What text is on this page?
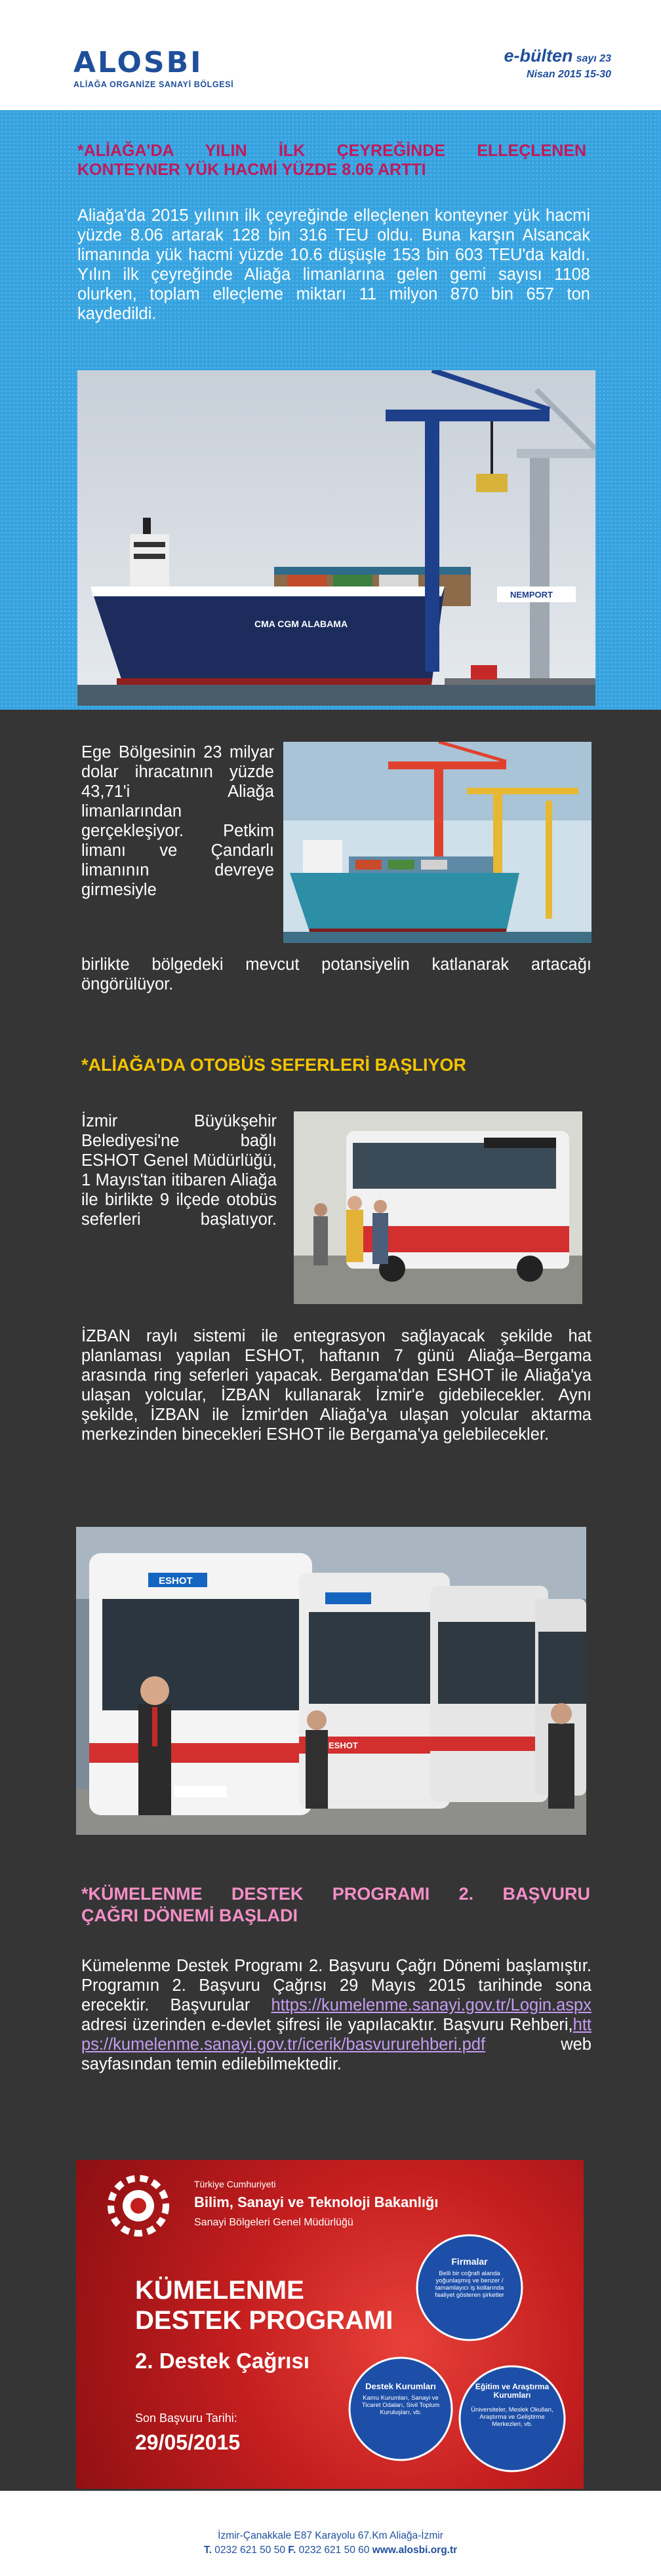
ALOSBI
ALİAĞA ORGANİZE SANAYİ BÖLGESİ
e-bülten sayı 23
Nisan 2015 15-30
*ALİAĞA'DA YILIN İLK ÇEYREĞİNDE ELLEÇLENEN
KONTEYNER YÜK HACMİ YÜZDE 8.06 ARTTI

Aliağa'da 2015 yılının ilk çeyreğinde elleçlenen konteyner yük hacmi yüzde 8.06 artarak 128 bin 316 TEU oldu. Buna karşın Alsancak limanında yük hacmi yüzde 10.6 düşüşle 153 bin 603 TEU'da kaldı. Yılın ilk çeyreğinde Aliağa limanlarına gelen gemi sayısı 1108 olurken, toplam elleçleme miktarı 11 milyon 870 bin 657 ton kaydedildi.

CMA CGM ALABAMA
NEMPORT

Ege Bölgesinin 23 milyar dolar ihracatının yüzde 43,71'i Aliağa limanlarından gerçekleşiyor. Petkim limanı ve Çandarlı limanının devreye girmesiyle

birlikte bölgedeki mevcut potansiyelin katlanarak artacağı öngörülüyor.

*ALİAĞA'DA OTOBÜS SEFERLERİ BAŞLIYOR

İzmir Büyükşehir Belediyesi'ne bağlı ESHOT Genel Müdürlüğü, 1 Mayıs'tan itibaren Aliağa ile birlikte 9 ilçede otobüs seferleri başlatıyor.

İZBAN raylı sistemi ile entegrasyon sağlayacak şekilde hat planlaması yapılan ESHOT, haftanın 7 günü Aliağa–Bergama arasında ring seferleri yapacak. Bergama'dan ESHOT ile Aliağa'ya ulaşan yolcular, İZBAN kullanarak İzmir'e gidebilecekler. Aynı şekilde, İZBAN ile İzmir'den Aliağa'ya ulaşan yolcular aktarma merkezinden binecekleri ESHOT ile Bergama'ya gelebilecekler.

ESHOT
ESHOT
*KÜMELENME DESTEK PROGRAMI 2. BAŞVURU
ÇAĞRI DÖNEMİ BAŞLADI

Kümelenme Destek Programı 2. Başvuru Çağrı Dönemi başlamıştır. Programın 2. Başvuru Çağrısı 29 Mayıs 2015 tarihinde sona erecektir. Başvurular https://kumelenme.sanayi.gov.tr/Login.aspx adresi üzerinden e-devlet şifresi ile yapılacaktır. Başvuru Rehberi,https://kumelenme.sanayi.gov.tr/icerik/basvururehberi.pdf web sayfasından temin edilebilmektedir.

Türkiye Cumhuriyeti
Bilim, Sanayi ve Teknoloji Bakanlığı
Sanayi Bölgeleri Genel Müdürlüğü
KÜMELENME
DESTEK PROGRAMI
2. Destek Çağrısı
Son Başvuru Tarihi:
29/05/2015
Firmalar
Belli bir coğrafi alanda yoğunlaşmış ve benzer / tamamlayıcı iş kollarında faaliyet gösteren şirketler
Destek Kurumları
Kamu Kurumları, Sanayi ve Ticaret Odaları, Sivil Toplum Kuruluşları, vb.
Eğitim ve Araştırma Kurumları
Üniversiteler, Meslek Okulları, Araştırma ve Geliştirme Merkezleri, vb.
İzmir-Çanakkale E87 Karayolu 67.Km Aliağa-İzmir
T. 0232 621 50 50 F. 0232 621 50 60 www.alosbi.org.tr
